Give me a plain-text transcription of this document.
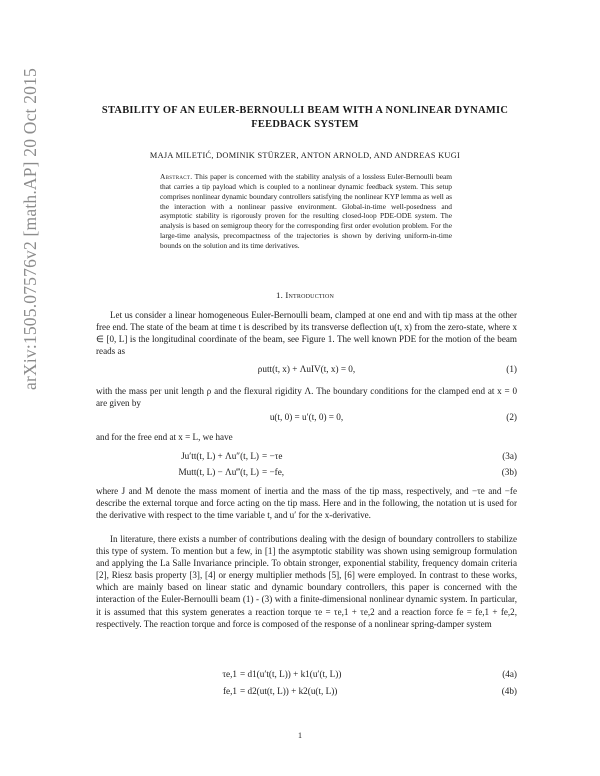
arXiv:1505.07576v2 [math.AP] 20 Oct 2015	STABILITY OF AN EULER-BERNOULLI BEAM WITH A NONLINEAR DYNAMIC FEEDBACK SYSTEM
MAJA MILETIĆ, DOMINIK STÜRZER, ANTON ARNOLD, AND ANDREAS KUGI
Abstract. This paper is concerned with the stability analysis of a lossless Euler-Bernoulli beam that carries a tip payload which is coupled to a nonlinear dynamic feedback system. This setup comprises nonlinear dynamic boundary controllers satisfying the nonlinear KYP lemma as well as the interaction with a nonlinear passive environment. Global-in-time well-posedness and asymptotic stability is rigorously proven for the resulting closed-loop PDE-ODE system. The analysis is based on semigroup theory for the corresponding first order evolution problem. For the large-time analysis, precompactness of the trajectories is shown by deriving uniform-in-time bounds on the solution and its time derivatives.
1. Introduction
Let us consider a linear homogeneous Euler-Bernoulli beam, clamped at one end and with tip mass at the other free end. The state of the beam at time t is described by its transverse deflection u(t, x) from the zero-state, where x ∈ [0, L] is the longitudinal coordinate of the beam, see Figure 1. The well known PDE for the motion of the beam reads as
ρutt(t, x) + ΛuIV(t, x) = 0,	(1)
with the mass per unit length ρ and the flexural rigidity Λ. The boundary conditions for the clamped end at x = 0 are given by
u(t, 0) = u′(t, 0) = 0,	(2)
and for the free end at x = L, we have
Ju′tt(t, L) + Λu″(t, L) = −τe	(3a)
Mutt(t, L) − Λu‴(t, L) = −fe,	(3b)
where J and M denote the mass moment of inertia and the mass of the tip mass, respectively, and −τe and −fe describe the external torque and force acting on the tip mass. Here and in the following, the notation ut is used for the derivative with respect to the time variable t, and u′ for the x-derivative.
In literature, there exists a number of contributions dealing with the design of boundary controllers to stabilize this type of system. To mention but a few, in [1] the asymptotic stability was shown using semigroup formulation and applying the La Salle Invariance principle. To obtain stronger, exponential stability, frequency domain criteria [2], Riesz basis property [3], [4] or energy multiplier methods [5], [6] were employed. In contrast to these works, which are mainly based on linear static and dynamic boundary controllers, this paper is concerned with the interaction of the Euler-Bernoulli beam (1) - (3) with a finite-dimensional nonlinear dynamic system. In particular, it is assumed that this system generates a reaction torque τe = τe,1 + τe,2 and a reaction force fe = fe,1 + fe,2, respectively. The reaction torque and force is composed of the response of a nonlinear spring-damper system
τe,1 = d1(u′t(t, L)) + k1(u′(t, L))	(4a)
fe,1 = d2(ut(t, L)) + k2(u(t, L))	(4b)
1
